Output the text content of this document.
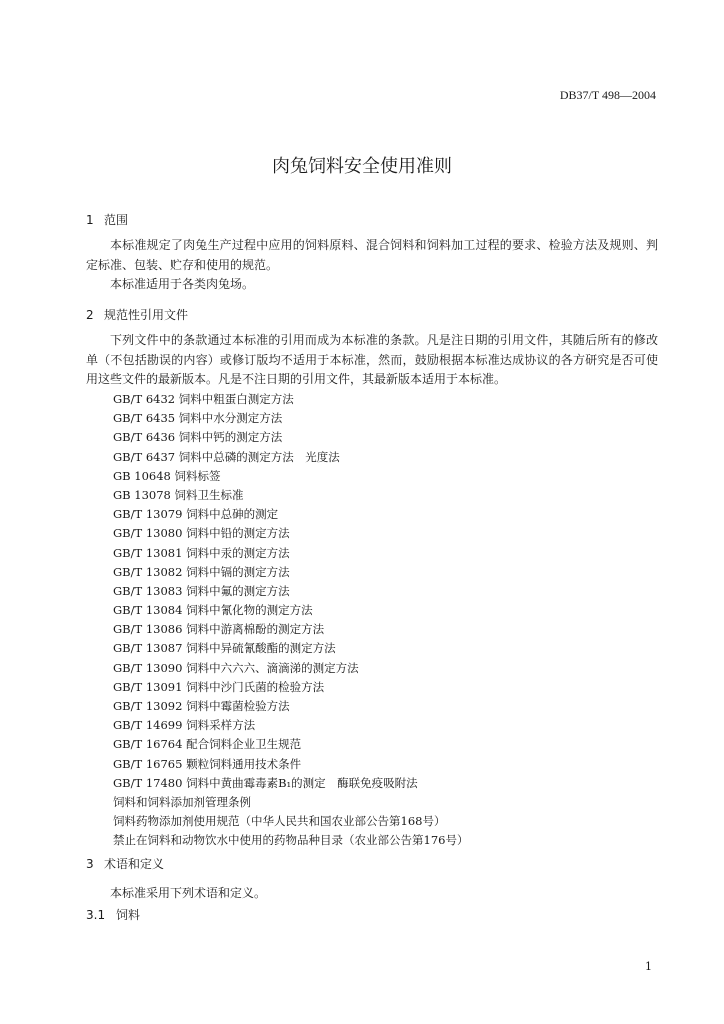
DB37/T 498—2004
肉兔饲料安全使用准则
1 范围
本标准规定了肉兔生产过程中应用的饲料原料、混合饲料和饲料加工过程的要求、检验方法及规则、判定标准、包装、贮存和使用的规范。
本标准适用于各类肉兔场。
2 规范性引用文件
下列文件中的条款通过本标准的引用而成为本标准的条款。凡是注日期的引用文件，其随后所有的修改单（不包括勘误的内容）或修订版均不适用于本标准，然而，鼓励根据本标准达成协议的各方研究是否可使用这些文件的最新版本。凡是不注日期的引用文件，其最新版本适用于本标准。
GB/T 6432 饲料中粗蛋白测定方法
GB/T 6435 饲料中水分测定方法
GB/T 6436 饲料中钙的测定方法
GB/T 6437 饲料中总磷的测定方法　光度法
GB 10648 饲料标签
GB 13078 饲料卫生标准
GB/T 13079 饲料中总砷的测定
GB/T 13080 饲料中铅的测定方法
GB/T 13081 饲料中汞的测定方法
GB/T 13082 饲料中镉的测定方法
GB/T 13083 饲料中氟的测定方法
GB/T 13084 饲料中氰化物的测定方法
GB/T 13086 饲料中游离棉酚的测定方法
GB/T 13087 饲料中异硫氰酸酯的测定方法
GB/T 13090 饲料中六六六、滴滴涕的测定方法
GB/T 13091 饲料中沙门氏菌的检验方法
GB/T 13092 饲料中霉菌检验方法
GB/T 14699 饲料采样方法
GB/T 16764 配合饲料企业卫生规范
GB/T 16765 颗粒饲料通用技术条件
GB/T 17480 饲料中黄曲霉毒素B₁的测定　酶联免疫吸附法
饲料和饲料添加剂管理条例
饲料药物添加剂使用规范（中华人民共和国农业部公告第168号）
禁止在饲料和动物饮水中使用的药物品种目录（农业部公告第176号）
3 术语和定义
本标准采用下列术语和定义。
3.1 饲料
1
